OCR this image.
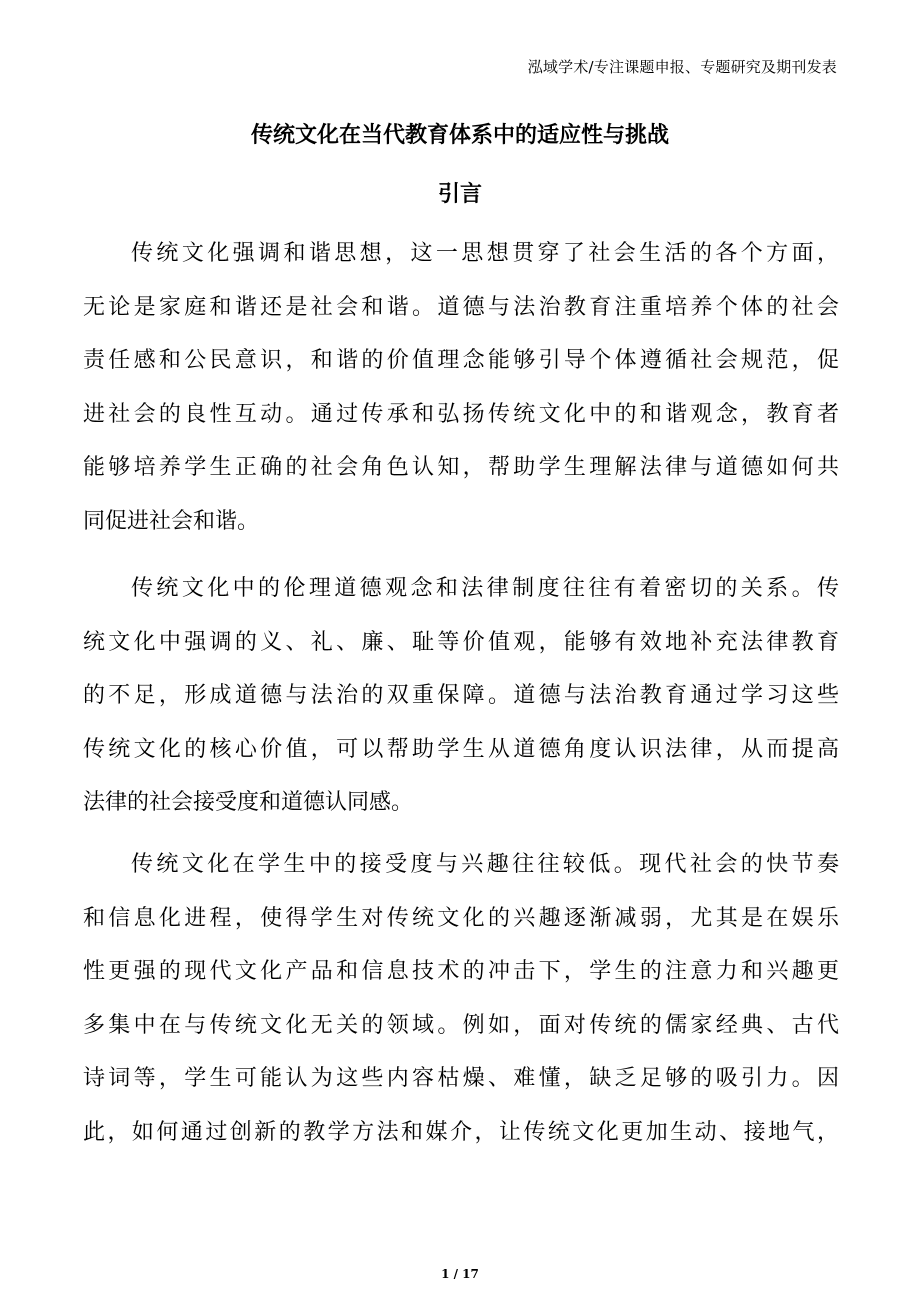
泓域学术/专注课题申报、专题研究及期刊发表
传统文化在当代教育体系中的适应性与挑战
引言
传统文化强调和谐思想，这一思想贯穿了社会生活的各个方面，
无论是家庭和谐还是社会和谐。道德与法治教育注重培养个体的社会
责任感和公民意识，和谐的价值理念能够引导个体遵循社会规范，促
进社会的良性互动。通过传承和弘扬传统文化中的和谐观念，教育者
能够培养学生正确的社会角色认知，帮助学生理解法律与道德如何共
同促进社会和谐。
传统文化中的伦理道德观念和法律制度往往有着密切的关系。传
统文化中强调的义、礼、廉、耻等价值观，能够有效地补充法律教育
的不足，形成道德与法治的双重保障。道德与法治教育通过学习这些
传统文化的核心价值，可以帮助学生从道德角度认识法律，从而提高
法律的社会接受度和道德认同感。
传统文化在学生中的接受度与兴趣往往较低。现代社会的快节奏
和信息化进程，使得学生对传统文化的兴趣逐渐减弱，尤其是在娱乐
性更强的现代文化产品和信息技术的冲击下，学生的注意力和兴趣更
多集中在与传统文化无关的领域。例如，面对传统的儒家经典、古代
诗词等，学生可能认为这些内容枯燥、难懂，缺乏足够的吸引力。因
此，如何通过创新的教学方法和媒介，让传统文化更加生动、接地气，
1 / 17
